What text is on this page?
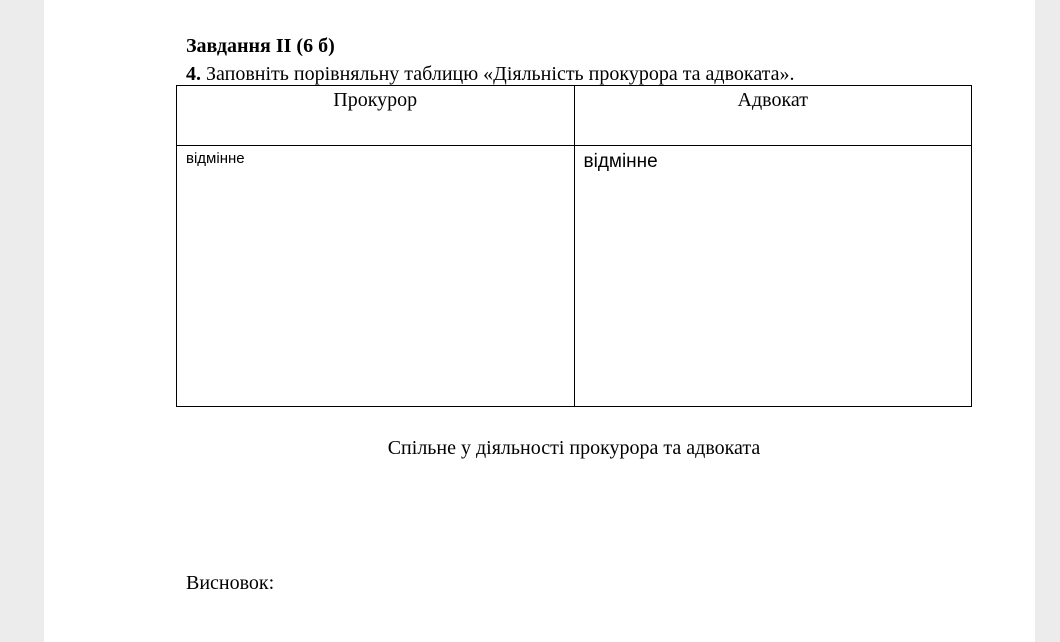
Завдання ІІ (6 б)
4. Заповніть порівняльну таблицю «Діяльність прокурора та адвоката».
Прокурор	Адвокат
відмінне	відмінне
Спільне у діяльності прокурора та адвоката
Висновок:
